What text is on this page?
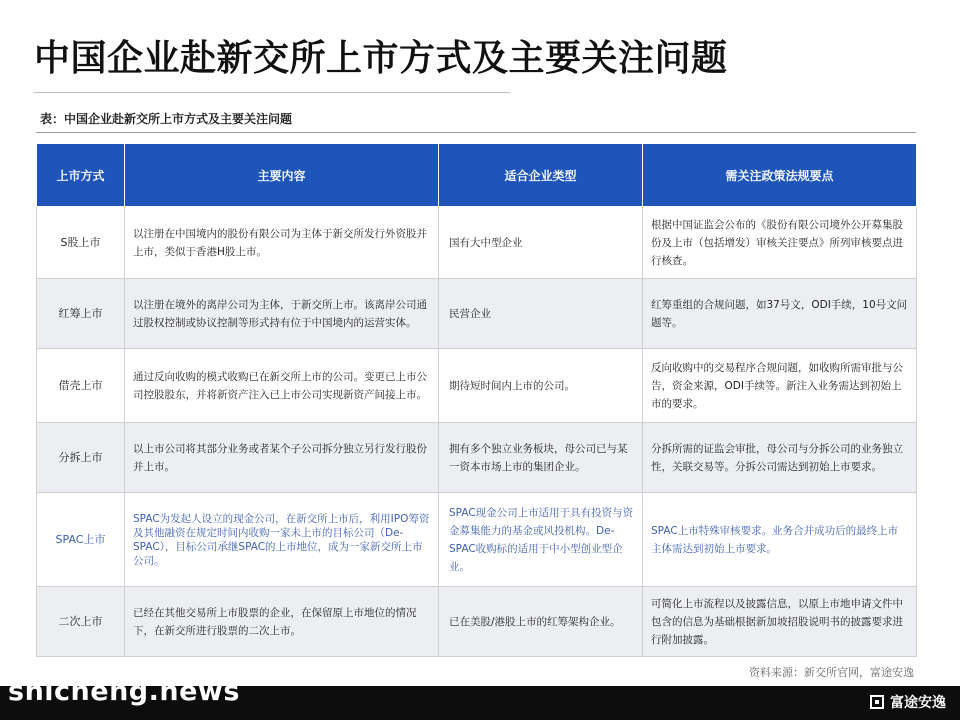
中国企业赴新交所上市方式及主要关注问题
表：中国企业赴新交所上市方式及主要关注问题
上市方式	主要内容	适合企业类型	需关注政策法规要点
S股上市	以注册在中国境内的股份有限公司为主体于新交所发行外资股并上市，类似于香港H股上市。	国有大中型企业	根据中国证监会公布的《股份有限公司境外公开募集股份及上市（包括增发）审核关注要点》所列审核要点进行核查。
红筹上市	以注册在境外的离岸公司为主体，于新交所上市。该离岸公司通过股权控制或协议控制等形式持有位于中国境内的运营实体。	民营企业	红筹重组的合规问题，如37号文，ODI手续，10号文问题等。
借壳上市	通过反向收购的模式收购已在新交所上市的公司。变更已上市公司控股股东，并将新资产注入已上市公司实现新资产间接上市。	期待短时间内上市的公司。	反向收购中的交易程序合规问题，如收购所需审批与公告，资金来源，ODI手续等。新注入业务需达到初始上市的要求。
分拆上市	以上市公司将其部分业务或者某个子公司拆分独立另行发行股份并上市。	拥有多个独立业务板块，母公司已与某一资本市场上市的集团企业。	分拆所需的证监会审批，母公司与分拆公司的业务独立性，关联交易等。分拆公司需达到初始上市要求。
SPAC上市	SPAC为发起人设立的现金公司，在新交所上市后，利用IPO筹资及其他融资在规定时间内收购一家未上市的目标公司（De-SPAC），目标公司承继SPAC的上市地位，成为一家新交所上市公司。	SPAC现金公司上市适用于具有投资与资金募集能力的基金或风投机构。De-SPAC收购标的适用于中小型创业型企业。	SPAC上市特殊审核要求。业务合并成功后的最终上市主体需达到初始上市要求。
二次上市	已经在其他交易所上市股票的企业，在保留原上市地位的情况下，在新交所进行股票的二次上市。	已在美股/港股上市的红筹架构企业。	可简化上市流程以及披露信息，以原上市地申请文件中包含的信息为基础根据新加坡招股说明书的披露要求进行附加披露。
资料来源：新交所官网，富途安逸
shicheng.news	富途安逸
